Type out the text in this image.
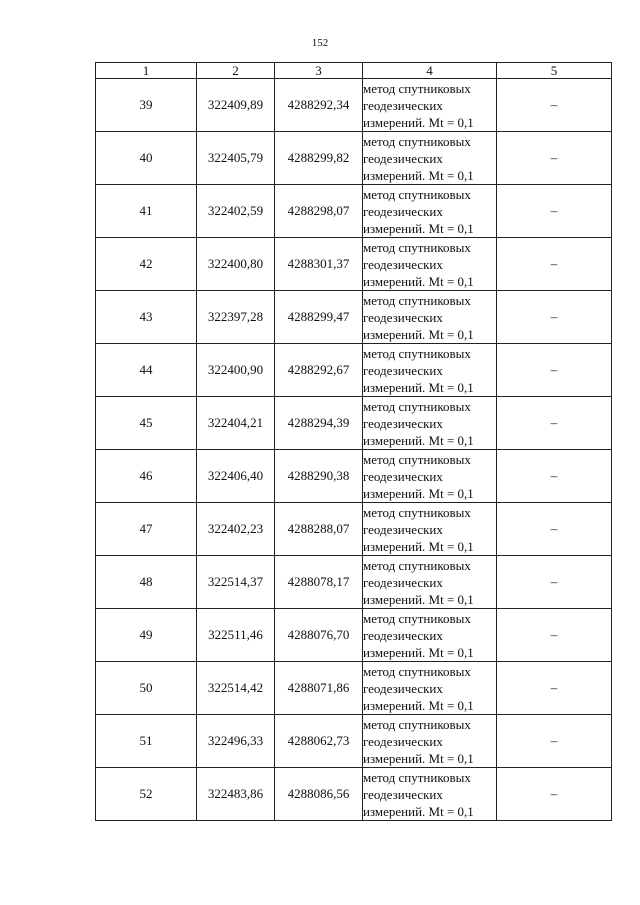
152
1	2	3	4	5
39	322409,89	4288292,34	метод спутниковых
геодезических
измерений. Mt = 0,1	–
40	322405,79	4288299,82	метод спутниковых
геодезических
измерений. Mt = 0,1	–
41	322402,59	4288298,07	метод спутниковых
геодезических
измерений. Mt = 0,1	–
42	322400,80	4288301,37	метод спутниковых
геодезических
измерений. Mt = 0,1	–
43	322397,28	4288299,47	метод спутниковых
геодезических
измерений. Mt = 0,1	–
44	322400,90	4288292,67	метод спутниковых
геодезических
измерений. Mt = 0,1	–
45	322404,21	4288294,39	метод спутниковых
геодезических
измерений. Mt = 0,1	–
46	322406,40	4288290,38	метод спутниковых
геодезических
измерений. Mt = 0,1	–
47	322402,23	4288288,07	метод спутниковых
геодезических
измерений. Mt = 0,1	–
48	322514,37	4288078,17	метод спутниковых
геодезических
измерений. Mt = 0,1	–
49	322511,46	4288076,70	метод спутниковых
геодезических
измерений. Mt = 0,1	–
50	322514,42	4288071,86	метод спутниковых
геодезических
измерений. Mt = 0,1	–
51	322496,33	4288062,73	метод спутниковых
геодезических
измерений. Mt = 0,1	–
52	322483,86	4288086,56	метод спутниковых
геодезических
измерений. Mt = 0,1	–
